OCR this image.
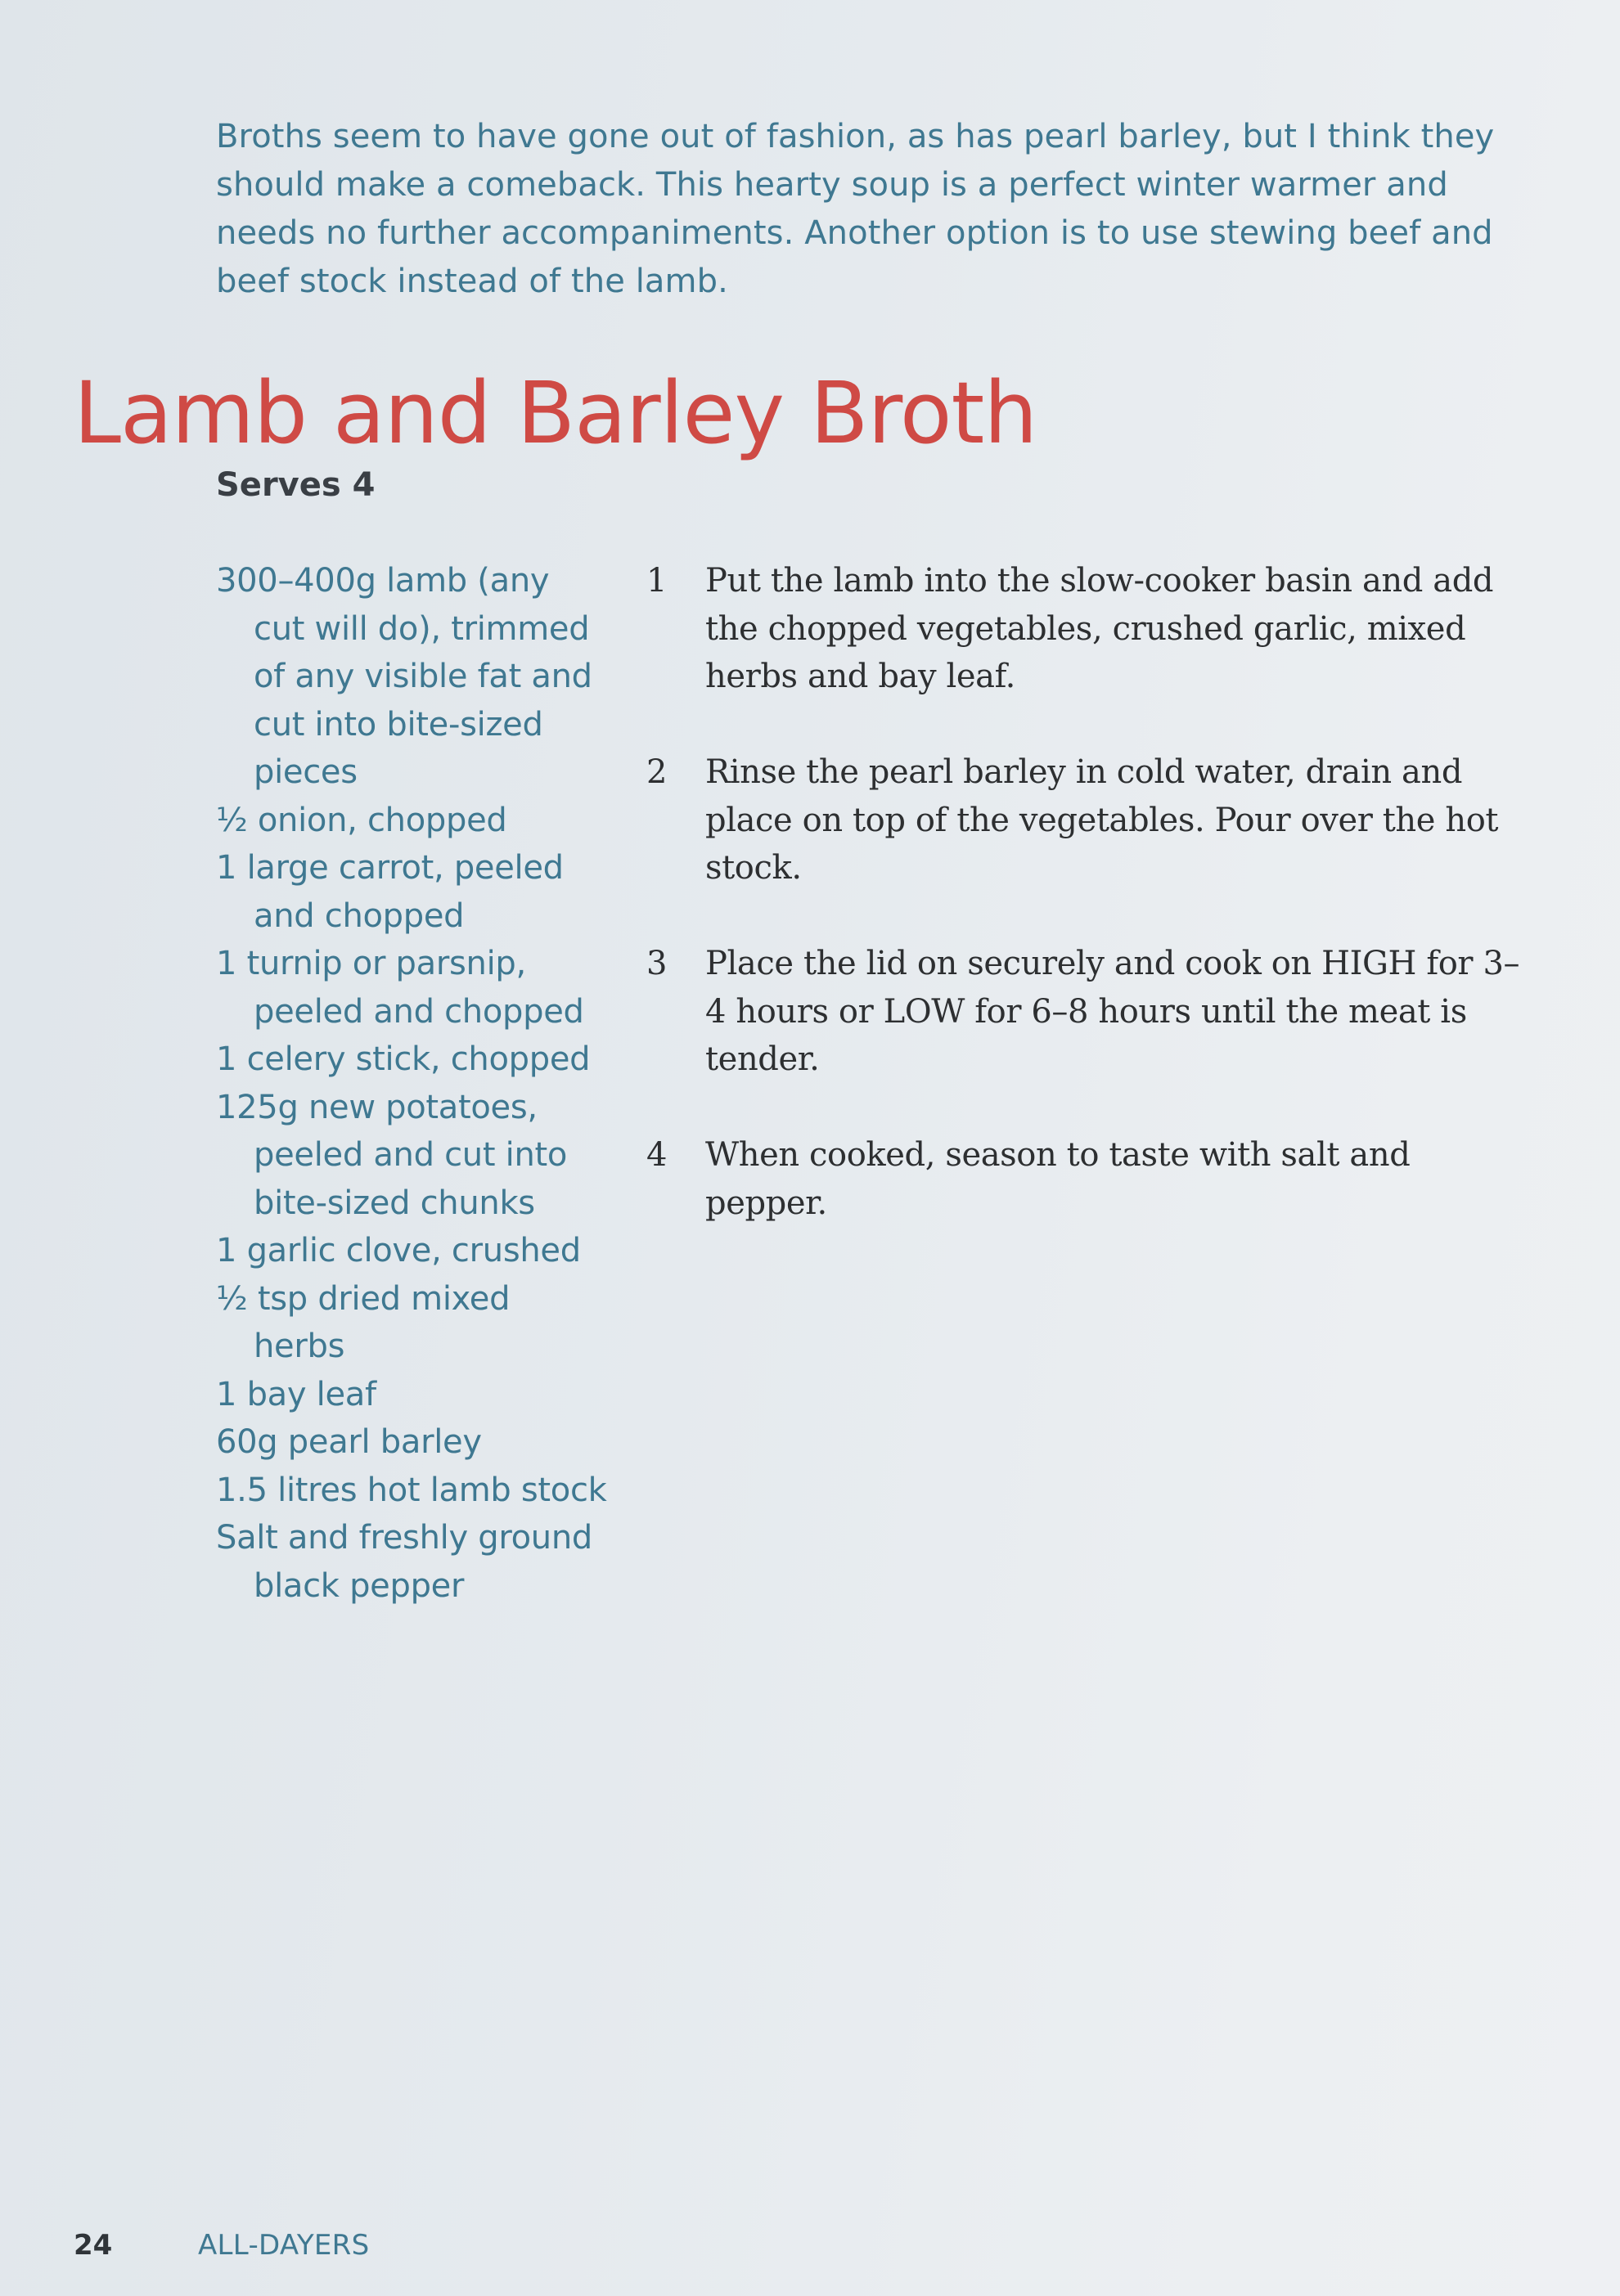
Broths seem to have gone out of fashion, as has pearl barley, but I think they should make a comeback. This hearty soup is a perfect winter warmer and needs no further accompaniments. Another option is to use stewing beef and beef stock instead of the lamb.

Lamb and Barley Broth

Serves 4

300–400g lamb (any cut will do), trimmed of any visible fat and cut into bite-sized pieces
½ onion, chopped
1 large carrot, peeled and chopped
1 turnip or parsnip, peeled and chopped
1 celery stick, chopped
125g new potatoes, peeled and cut into bite-sized chunks
1 garlic clove, crushed
½ tsp dried mixed herbs
1 bay leaf
60g pearl barley
1.5 litres hot lamb stock
Salt and freshly ground black pepper
1 Put the lamb into the slow-cooker basin and add the chopped vegetables, crushed garlic, mixed herbs and bay leaf.
2 Rinse the pearl barley in cold water, drain and place on top of the vegetables. Pour over the hot stock.
3 Place the lid on securely and cook on HIGH for 3–4 hours or LOW for 6–8 hours until the meat is tender.
4 When cooked, season to taste with salt and pepper.
24	ALL-DAYERS
